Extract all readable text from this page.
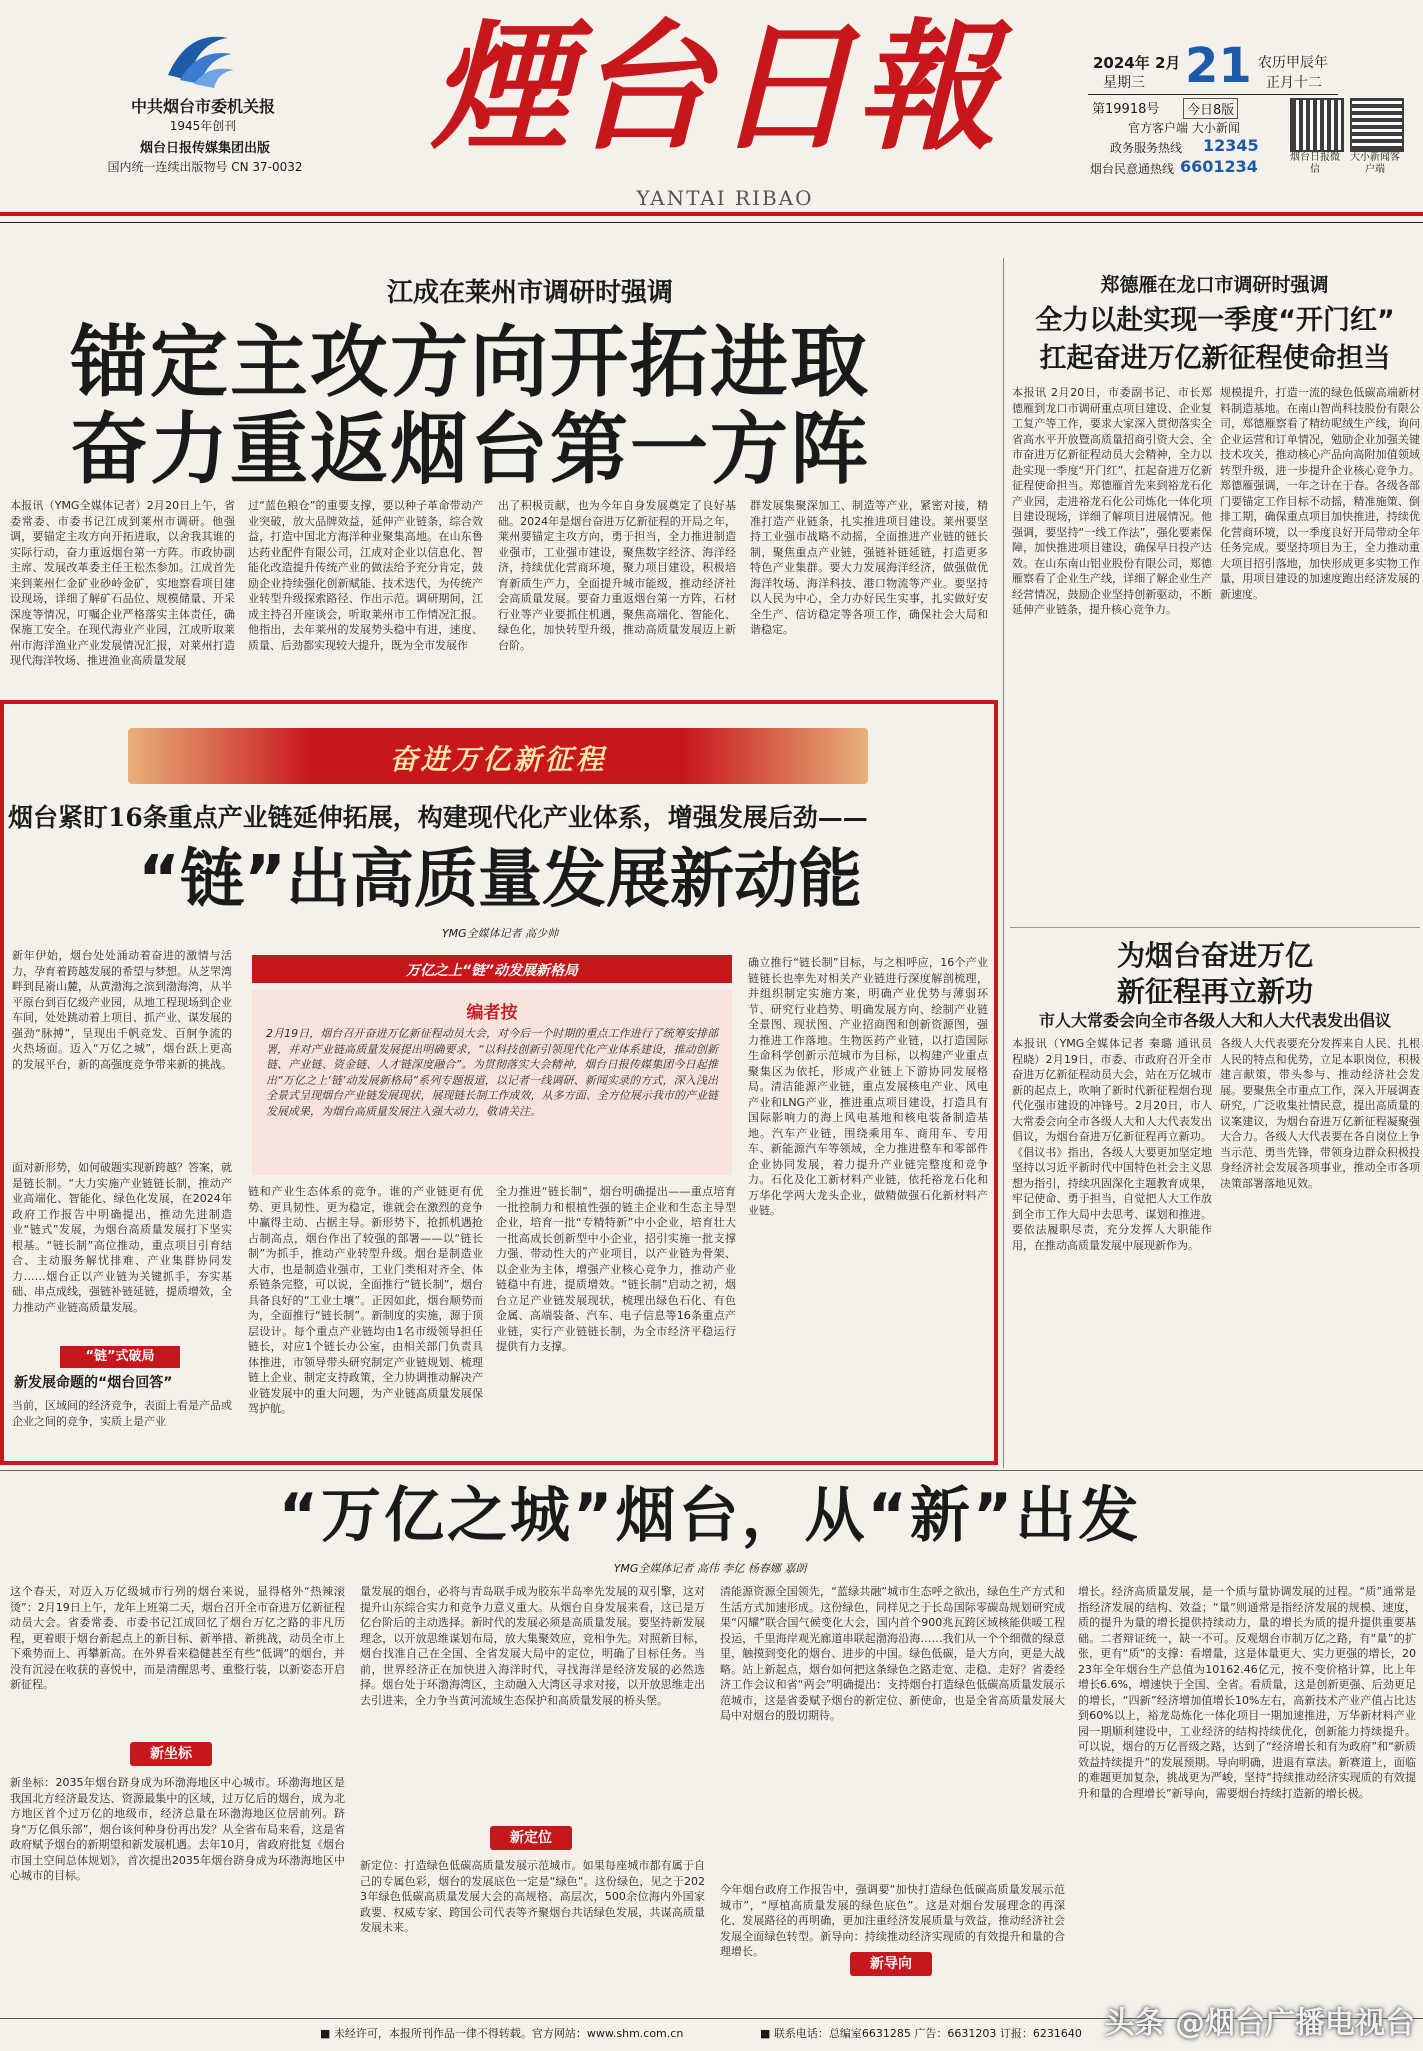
中共烟台市委机关报
1945年创刊
烟台日报传媒集团出版
国内统一连续出版物号 CN 37-0032 煙台日報
YANTAI RIBAO
2024年 2月
星期三 21 农历甲辰年
正月十二
第19918号	今日8版
官方客户端 大小新闻
政务服务热线 12345
烟台民意通热线 6601234	烟台日报微信
大小新闻客户端
江成在莱州市调研时强调
锚定主攻方向开拓进取
奋力重返烟台第一方阵
本报讯（YMG全媒体记者）2月20日上午，省委常委、市委书记江成到莱州市调研。他强调，要锚定主攻方向开拓进取，以舍我其谁的实际行动，奋力重返烟台第一方阵。市政协副主席、发展改革委主任王松杰参加。江成首先来到莱州仁金矿业砂岭金矿，实地察看项目建设现场，详细了解矿石品位、规模储量、开采深度等情况，叮嘱企业严格落实主体责任，确保施工安全。在现代海业产业园，江成听取莱州市海洋渔业产业发展情况汇报，对莱州打造现代海洋牧场、推进渔业高质量发展
过“蓝色粮仓”的重要支撑，要以种子革命带动产业突破，放大品牌效益，延伸产业链条，综合效益，打造中国北方海洋种业聚集高地。在山东鲁达药业配件有限公司，江成对企业以信息化、智能化改造提升传统产业的做法给予充分肯定，鼓励企业持续强化创新赋能、技术迭代，为传统产业转型升级探索路径、作出示范。调研期间，江成主持召开座谈会，听取莱州市工作情况汇报。他指出，去年莱州的发展势头稳中有进，速度、质量、后劲都实现较大提升，既为全市发展作
出了积极贡献，也为今年自身发展奠定了良好基础。2024年是烟台奋进万亿新征程的开局之年，莱州要锚定主攻方向，勇于担当，全力推进制造业强市，工业强市建设，聚焦数字经济、海洋经济，持续优化营商环境，聚力项目建设，积极培育新质生产力，全面提升城市能级，推动经济社会高质量发展。要奋力重返烟台第一方阵，石材行业等产业要抓住机遇，聚焦高端化、智能化、绿色化，加快转型升级，推动高质量发展迈上新台阶。
群发展集聚深加工、制造等产业，紧密对接，精准打造产业链条，扎实推进项目建设。莱州要坚持工业强市战略不动摇，全面推进产业链的链长制，聚焦重点产业链，强链补链延链，打造更多特色产业集群。要大力发展海洋经济，做强做优海洋牧场、海洋科技、港口物流等产业。要坚持以人民为中心，全力办好民生实事，扎实做好安全生产、信访稳定等各项工作，确保社会大局和谐稳定。
奋进万亿新征程
烟台紧盯16条重点产业链延伸拓展，构建现代化产业体系，增强发展后劲——
“链”出高质量发展新动能
YMG全媒体记者 高少帅
新年伊始，烟台处处涌动着奋进的激情与活力，孕育着跨越发展的希望与梦想。从芝罘湾畔到昆嵛山麓，从黄渤海之滨到渤海湾，从半平原台到百亿级产业园，从地工程现场到企业车间，处处跳动着上项目、抓产业、谋发展的强劲“脉搏”，呈现出千帆竞发、百舸争流的火热场面。迈入“万亿之城”，烟台跃上更高的发展平台，新的高强度竞争带来新的挑战。
面对新形势，如何破题实现新跨越？答案，就是链长制。“大力实施产业链链长制，推动产业高端化、智能化、绿色化发展，在2024年政府工作报告中明确提出，推动先进制造业“链式”发展，为烟台高质量发展打下坚实根基。“链长制”高位推动，重点项目引育结合、主动服务解忧排难、产业集群协同发力……烟台正以产业链为关键抓手，夯实基础、串点成线，强链补链延链，提质增效，全力推动产业链高质量发展。
“链”式破局
新发展命题的“烟台回答”
当前，区域间的经济竞争，表面上看是产品或企业之间的竞争，实质上是产业
万亿之上“链”动发展新格局
编者按
2月19日，烟台召开奋进万亿新征程动员大会，对今后一个时期的重点工作进行了统筹安排部署，并对产业链高质量发展提出明确要求，“以科技创新引领现代化产业体系建设，推动创新链、产业链、资金链、人才链深度融合”。为贯彻落实大会精神，烟台日报传媒集团今日起推出“万亿之上‘链’动发展新格局”系列专题报道，以记者一线调研、新闻实录的方式，深入浅出全景式呈现烟台产业链发展现状，展现链长制工作成效，从多方面、全方位展示我市的产业链发展成果，为烟台高质量发展注入强大动力，敬请关注。
链和产业生态体系的竞争。谁的产业链更有优势、更具韧性、更为稳定，谁就会在激烈的竞争中赢得主动、占据主导。新形势下，抢抓机遇抢占制高点，烟台作出了较强的部署——以“链长制”为抓手，推动产业转型升级。烟台是制造业大市，也是制造业强市，工业门类相对齐全、体系链条完整，可以说，全面推行“链长制”，烟台具备良好的“工业土壤”。正因如此，烟台顺势而为，全面推行“链长制”。新制度的实施，源于顶层设计。每个重点产业链均由1名市级领导担任链长，对应1个链长办公室，由相关部门负责具体推进，市领导带头研究制定产业链规划、梳理链上企业、制定支持政策，全力协调推动解决产业链发展中的重大问题，为产业链高质量发展保驾护航。
全力推进“链长制”，烟台明确提出——重点培育一批控制力和根植性强的链主企业和生态主导型企业，培育一批“专精特新”中小企业，培育壮大一批高成长创新型中小企业，招引实施一批支撑力强、带动性大的产业项目，以产业链为骨架、以企业为主体，增强产业核心竞争力，推动产业链稳中有进，提质增效。“链长制”启动之初，烟台立足产业链发展现状，梳理出绿色石化、有色金属、高端装备、汽车、电子信息等16条重点产业链，实行产业链链长制，为全市经济平稳运行提供有力支撑。
确立推行“链长制”目标，与之相呼应，16个产业链链长也率先对相关产业链进行深度解剖梳理，并组织制定实施方案，明确产业优势与薄弱环节、研究行业趋势、明确发展方向、绘制产业链全景图、现状图、产业招商图和创新资源图，强力推进工作落地。生物医药产业链，以打造国际生命科学创新示范城市为目标，以构建产业重点聚集区为依托，形成产业链上下游协同发展格局。清洁能源产业链，重点发展核电产业、风电产业和LNG产业，推进重点项目建设，打造具有国际影响力的海上风电基地和核电装备制造基地。汽车产业链，围绕乘用车、商用车、专用车、新能源汽车等领域，全力推进整车和零部件企业协同发展，着力提升产业链完整度和竞争力。石化及化工新材料产业链，依托裕龙石化和万华化学两大龙头企业，做精做强石化新材料产业链。
郑德雁在龙口市调研时强调
全力以赴实现一季度“开门红”
扛起奋进万亿新征程使命担当
本报讯 2月20日，市委副书记、市长郑德雁到龙口市调研重点项目建设、企业复工复产等工作，要求大家深入贯彻落实全省高水平开放暨高质量招商引资大会、全市奋进万亿新征程动员大会精神，全力以赴实现一季度“开门红”，扛起奋进万亿新征程使命担当。郑德雁首先来到裕龙石化产业园，走进裕龙石化公司炼化一体化项目建设现场，详细了解项目进展情况。他强调，要坚持“一线工作法”，强化要素保障，加快推进项目建设，确保早日投产达效。在山东南山铝业股份有限公司，郑德雁察看了企业生产线，详细了解企业生产经营情况，鼓励企业坚持创新驱动，不断延伸产业链条，提升核心竞争力。
规模提升，打造一流的绿色低碳高端新材料制造基地。在南山智尚科技股份有限公司，郑德雁察看了精纺呢绒生产线，询问企业运营和订单情况，勉励企业加强关键技术攻关，推动核心产品向高附加值领域转型升级，进一步提升企业核心竞争力。郑德雁强调，一年之计在于春。各级各部门要锚定工作目标不动摇，精准施策、倒排工期，确保重点项目加快推进，持续优化营商环境，以一季度良好开局带动全年任务完成。要坚持项目为王，全力推动重大项目招引落地，加快形成更多实物工作量，用项目建设的加速度跑出经济发展的新速度。
为烟台奋进万亿
新征程再立新功
市人大常委会向全市各级人大和人大代表发出倡议
本报讯（YMG全媒体记者 秦璐 通讯员 程晓）2月19日，市委、市政府召开全市奋进万亿新征程动员大会，站在万亿城市新的起点上，吹响了新时代新征程烟台现代化强市建设的冲锋号。2月20日，市人大常委会向全市各级人大和人大代表发出倡议，为烟台奋进万亿新征程再立新功。《倡议书》指出，各级人大要更加坚定地坚持以习近平新时代中国特色社会主义思想为指引，持续巩固深化主题教育成果，牢记使命、勇于担当，自觉把人大工作放到全市工作大局中去思考、谋划和推进。要依法履职尽责，充分发挥人大职能作用，在推动高质量发展中展现新作为。
各级人大代表要充分发挥来自人民、扎根人民的特点和优势，立足本职岗位，积极建言献策，带头参与、推动经济社会发展。要聚焦全市重点工作，深入开展调查研究，广泛收集社情民意，提出高质量的议案建议，为烟台奋进万亿新征程凝聚强大合力。各级人大代表要在各自岗位上争当示范、勇当先锋，带领身边群众积极投身经济社会发展各项事业，推动全市各项决策部署落地见效。
“万亿之城”烟台，从“新”出发
YMG全媒体记者 高伟 李亿 杨春娜 嘉朗
这个春天，对迈入万亿级城市行列的烟台来说，显得格外“热辣滚烫”：2月19日上午，龙年上班第二天，烟台召开全市奋进万亿新征程动员大会。省委常委、市委书记江成回忆了烟台万亿之路的非凡历程，更着眼于烟台新起点上的新目标、新举措、新挑战，动员全市上下乘势而上、再攀新高。在外界看来稳健甚至有些“低调”的烟台，并没有沉浸在收获的喜悦中，而是清醒思考、重整行装，以新姿态开启新征程。
新坐标
新坐标：2035年烟台跻身成为环渤海地区中心城市。环渤海地区是我国北方经济最发达、资源最集中的区域，过万亿后的烟台，成为北方地区首个过万亿的地级市，经济总量在环渤海地区位居前列。跻身“万亿俱乐部”，烟台该何种身份再出发？从全省布局来看，这是省政府赋予烟台的新期望和新发展机遇。去年10月，省政府批复《烟台市国土空间总体规划》，首次提出2035年烟台跻身成为环渤海地区中心城市的目标。
量发展的烟台，必将与青岛联手成为胶东半岛率先发展的双引擎，这对提升山东综合实力和竞争力意义重大。从烟台自身发展来看，这已是万亿台阶后的主动选择。新时代的发展必须是高质量发展。要坚持新发展理念，以开放思维谋划布局，放大集聚效应，竞相争先。对照新目标，烟台找准自己在全国、全省发展大局中的定位，明确了目标任务。当前，世界经济正在加快进入海洋时代，寻找海洋是经济发展的必然选择。烟台处于环渤海湾区，主动融入大湾区寻求对接，以开放思维走出去引进来，全力争当黄河流域生态保护和高质量发展的桥头堡。
新定位
新定位：打造绿色低碳高质量发展示范城市。如果每座城市都有属于自己的专属色彩，烟台的发展底色一定是“绿色”。这份绿色，见之于2023年绿色低碳高质量发展大会的高规格、高层次，500余位海内外国家政要、权威专家、跨国公司代表等齐聚烟台共话绿色发展，共谋高质量发展未来。
清能源资源全国领先，“蓝绿共融”城市生态呼之欲出，绿色生产方式和生活方式加速形成。这份绿色，同样见之于长岛国际零碳岛规划研究成果“闪耀”联合国气候变化大会，国内首个900兆瓦跨区域核能供暖工程投运，千里海岸观光廊道串联起渤海沿海……我们从一个个细微的绿意里，触摸到变化的烟台、进步的中国。绿色低碳，是大方向，更是大战略。站上新起点，烟台如何把这条绿色之路走宽、走稳、走好？省委经济工作会议和省“两会”明确提出：支持烟台打造绿色低碳高质量发展示范城市，这是省委赋予烟台的新定位、新使命，也是全省高质量发展大局中对烟台的殷切期待。
新导向
今年烟台政府工作报告中，强调要“加快打造绿色低碳高质量发展示范城市”，“厚植高质量发展的绿色底色”。这是对烟台发展理念的再深化、发展路径的再明确，更加注重经济发展质量与效益，推动经济社会发展全面绿色转型。新导向：持续推动经济实现质的有效提升和量的合理增长。
增长。经济高质量发展，是一个质与量协调发展的过程。“质”通常是指经济发展的结构、效益；“量”则通常是指经济发展的规模、速度，质的提升为量的增长提供持续动力，量的增长为质的提升提供重要基础。二者辩证统一，缺一不可。反观烟台市制万亿之路，有“量”的扩张，更有“质”的支撑：看增量，这是体量更大、实力更强的增长，2023年全年烟台生产总值为10162.46亿元，按不变价格计算，比上年增长6.6%，增速快于全国、全省。看质量，这是创新更强、后劲更足的增长，“四新”经济增加值增长10%左右，高新技术产业产值占比达到60%以上，裕龙岛炼化一体化项目一期加速推进，万华新材料产业园一期顺利建设中，工业经济的结构持续优化，创新能力持续提升。可以说，烟台的万亿晋级之路，达到了“经济增长和有为政府”和“新质效益持续提升”的发展预期。导向明确，进退有章法。新赛道上，面临的难题更加复杂，挑战更为严峻，坚持“持续推动经济实现质的有效提升和量的合理增长”新导向，需要烟台持续打造新的增长极。
■ 未经许可，本报所刊作品一律不得转载。官方网站：www.shm.com.cn	■ 联系电话：总编室6631285 广告：6631203 订报：6231640 头条 @烟台广播电视台
